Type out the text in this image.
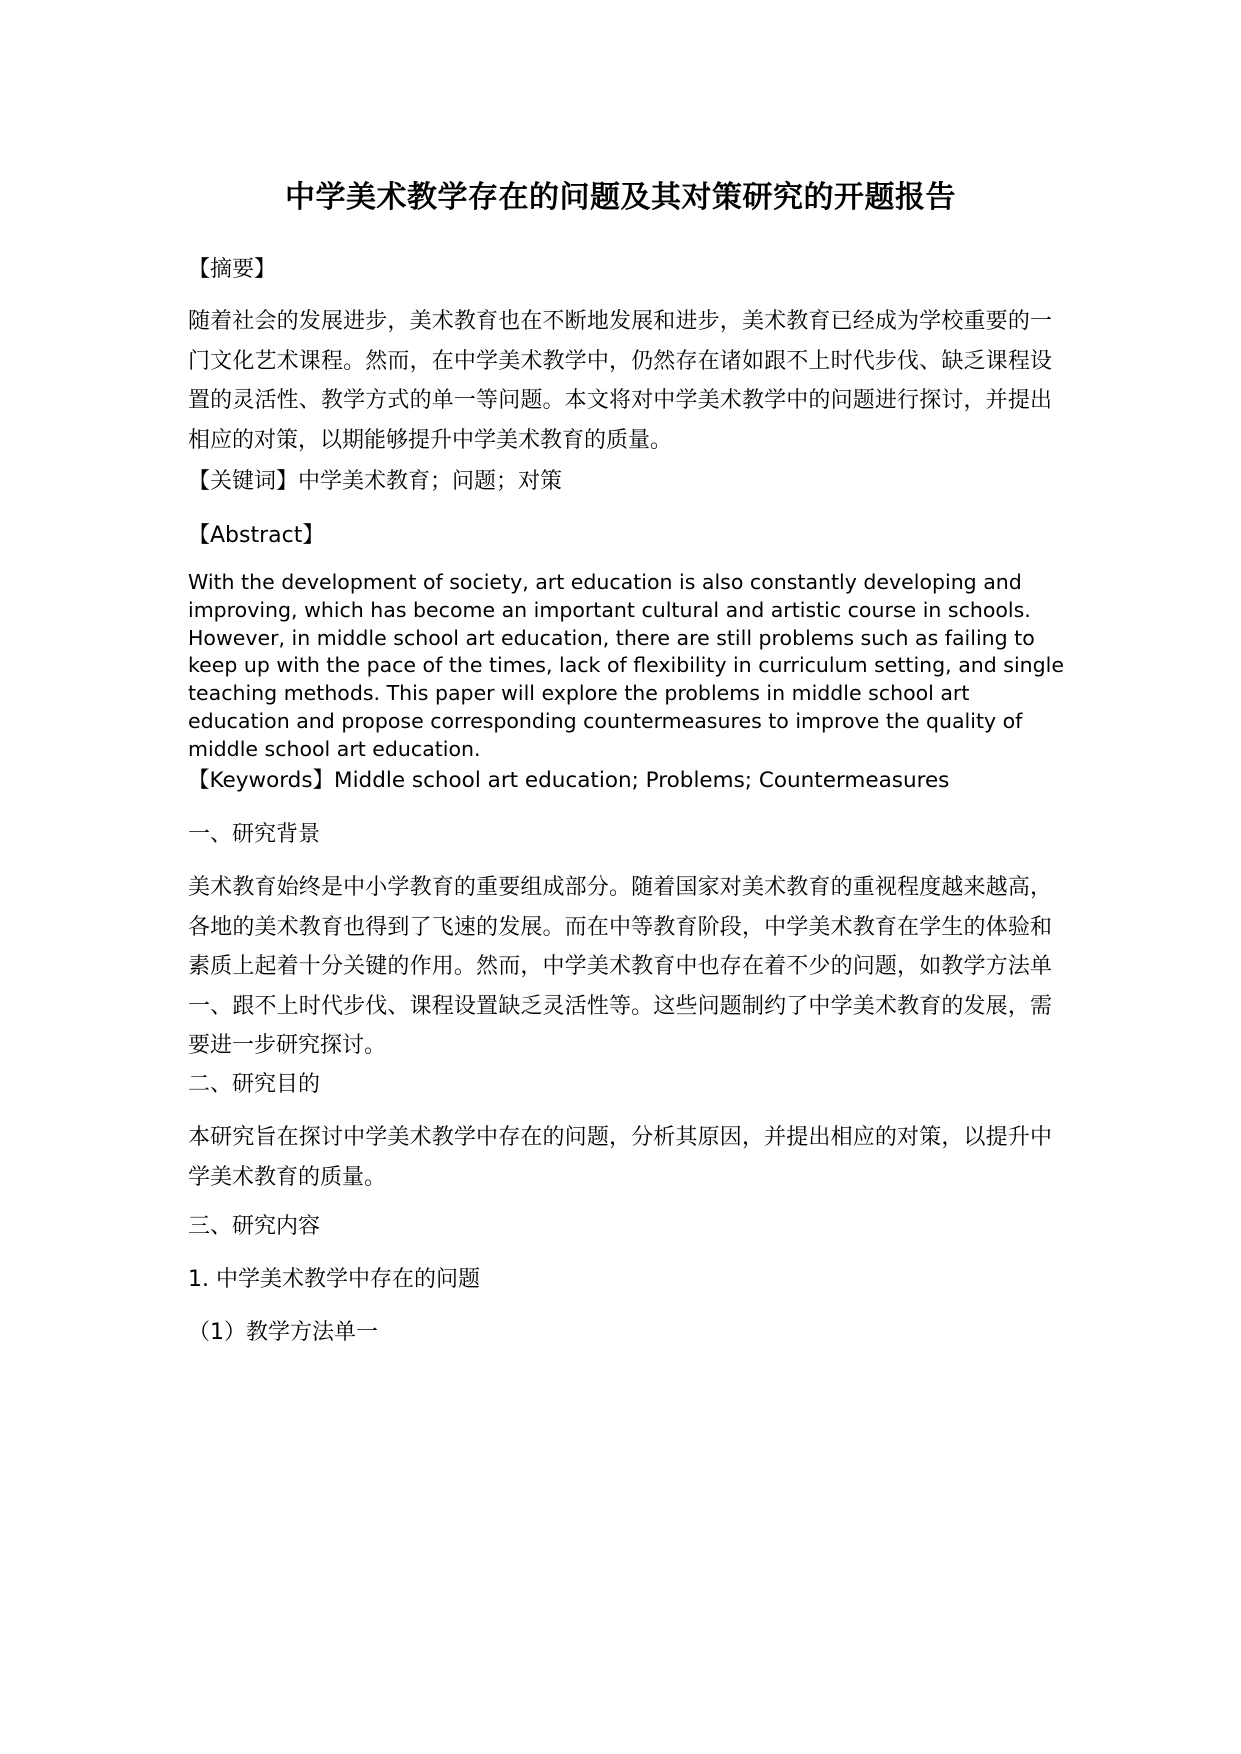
中学美术教学存在的问题及其对策研究的开题报告

【摘要】

随着社会的发展进步，美术教育也在不断地发展和进步，美术教育已经成为学校重要的一门文化艺术课程。然而，在中学美术教学中，仍然存在诸如跟不上时代步伐、缺乏课程设置的灵活性、教学方式的单一等问题。本文将对中学美术教学中的问题进行探讨，并提出相应的对策，以期能够提升中学美术教育的质量。

【关键词】中学美术教育；问题；对策

【Abstract】

With the development of society, art education is also constantly developing and improving, which has become an important cultural and artistic course in schools. However, in middle school art education, there are still problems such as failing to keep up with the pace of the times, lack of flexibility in curriculum setting, and single teaching methods. This paper will explore the problems in middle school art education and propose corresponding countermeasures to improve the quality of middle school art education.

【Keywords】Middle school art education; Problems; Countermeasures

一、研究背景

美术教育始终是中小学教育的重要组成部分。随着国家对美术教育的重视程度越来越高，各地的美术教育也得到了飞速的发展。而在中等教育阶段，中学美术教育在学生的体验和素质上起着十分关键的作用。然而，中学美术教育中也存在着不少的问题，如教学方法单一、跟不上时代步伐、课程设置缺乏灵活性等。这些问题制约了中学美术教育的发展，需要进一步研究探讨。

二、研究目的

本研究旨在探讨中学美术教学中存在的问题，分析其原因，并提出相应的对策，以提升中学美术教育的质量。

三、研究内容

1. 中学美术教学中存在的问题

（1）教学方法单一
